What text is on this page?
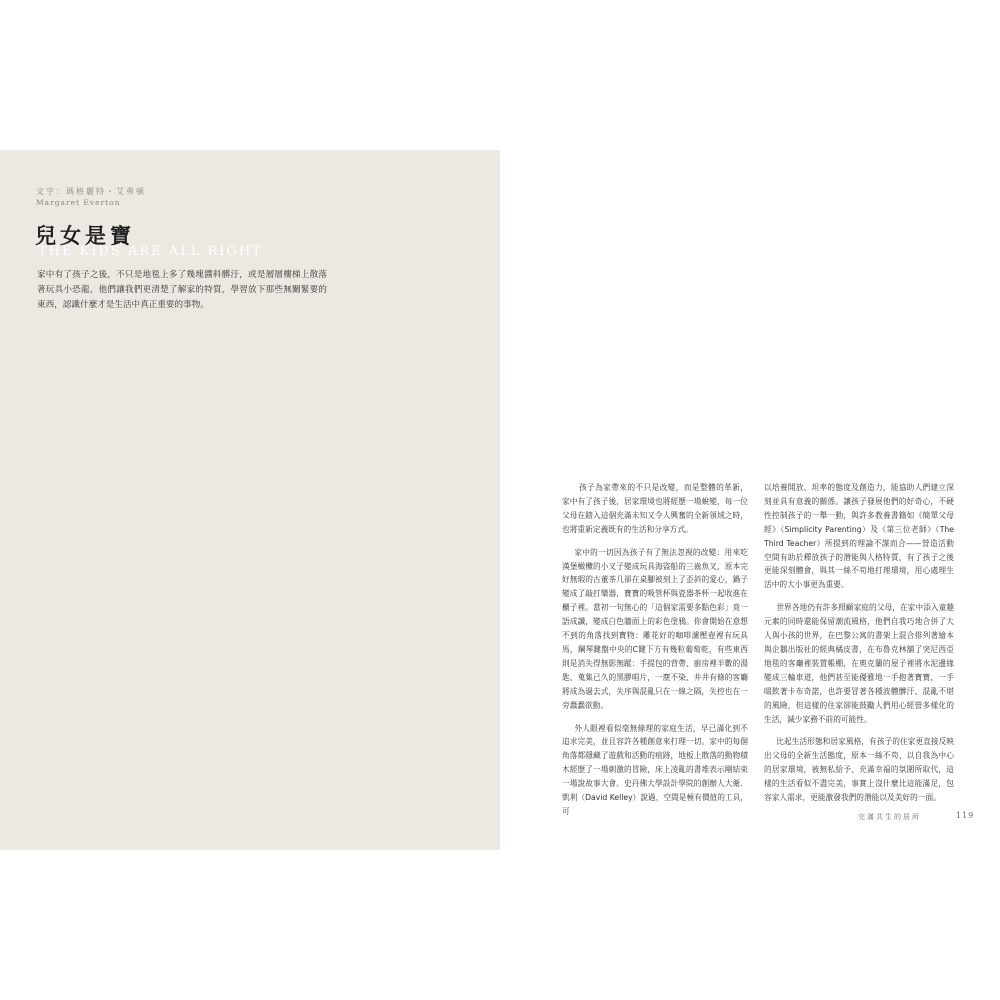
文字：瑪格麗特・艾弗頓

Margaret Everton

兒女是寶

THE KIDS ARE ALL RIGHT

家中有了孩子之後，不只是地毯上多了幾塊醬料髒汙，或是層層樓梯上散落著玩具小恐龍，他們讓我們更清楚了解家的特質，學習放下那些無關緊要的東西，認識什麼才是生活中真正重要的事物。

孩子為家帶來的不只是改變，而是整體的革新，家中有了孩子後，居家環境也將經歷一場蛻變，每一位父母在踏入這個充滿未知又令人興奮的全新領域之時，也將重新定義既有的生活和分享方式。

家中的一切因為孩子有了無法忽視的改變：用來吃漢堡橄欖的小叉子變成玩具海盜船的三齒魚叉，原本完好無瑕的古董茶几卻在桌腳被刻上了歪斜的愛心，鍋子變成了敲打樂器，寶寶的吸管杯與瓷器茶杯一起收進在櫃子裡。當初一句無心的「這個家需要多點色彩」竟一語成讖，變成白色牆面上的彩色塗鴉。你會開始在意想不到的角落找到寶物：雕花好的咖啡濾壓壺裡有玩具馬，鋼琴鍵盤中央的C鍵下方有幾粒葡萄乾，有些東西則是消失得無影無蹤：手提包的背帶、廚房裡半數的湯匙、蒐集已久的黑膠唱片，一塵不染、井井有條的客廳將成為過去式，失序與混亂只在一線之隔，失控也在一旁蠢蠢欲動。

外人眼裡看似毫無條理的家庭生活，早已滿化到不追求完美，並且容許各種創意來打理一切。家中的每個角落都隱藏了遊戲和活動的痕跡，地板上散落的動物積木經歷了一場刺激的冒險，床上凌亂的書堆表示剛結束一場說故事大會。史丹佛大學設計學院的創辦人大衛．凱利（David Kelley）說過，空間是極有價值的工具，可

以培養開放、坦率的態度及創造力，能協助人們建立深刻並具有意義的關係。讓孩子發展他們的好奇心，不硬性控制孩子的一舉一動，與許多教養書籍如《簡單父母經》（Simplicity Parenting）及《第三位老師》（The Third Teacher）所提到的理論不謀而合——營造活動空間有助於釋放孩子的潛能與人格特質，有了孩子之後更能深刻體會，與其一絲不苟地打理環境，用心處理生活中的大小事更為重要。

世界各地仍有許多照顧家庭的父母，在家中添入童趣元素的同時還能保留潮流風格，他們自我巧地合併了大人與小孩的世界，在巴黎公寓的書架上混合排列著繪本與企鵝出版社的經典橘皮書，在布魯克林舖了突尼西亞地毯的客廳裡裝置帳棚，在奧克蘭的屋子裡將水泥邊緣變成三輪車道，他們甚至能優雅地一手抱著寶寶，一手啜飲著卡布奇諾，也許要冒著各種波體髒汙、混亂不堪的風險，但這樣的住家卻能鼓勵人們用心經營多樣化的生活，減少家務不前的可能性。

比起生活形態和居家風格，有孩子的住家更直接反映出父母的全新生活態度，原本一絲不苟、以自我為中心的居家環境，被無私給予、充滿幸福的氛圍所取代，這樣的生活看似不盡完美，事實上沒什麼比這能滿足，包容家人需求，更能激發我們的潛能以及美好的一面。

完滿共生的居所	119
